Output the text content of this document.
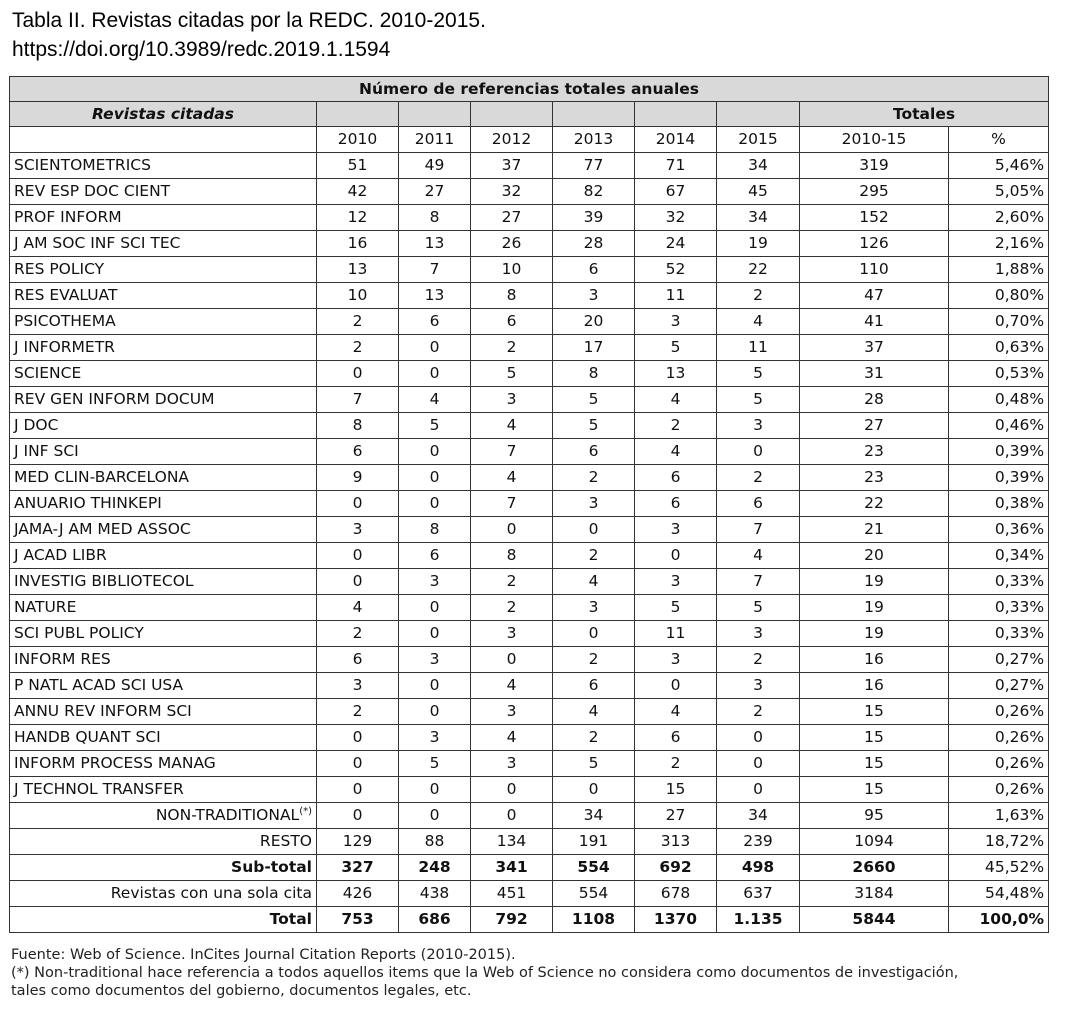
Tabla II. Revistas citadas por la REDC. 2010-2015.
https://doi.org/10.3989/redc.2019.1.1594
Número de referencias totales anuales								
Revistas citadas							Totales	
	2010	2011	2012	2013	2014	2015	2010-15	%
SCIENTOMETRICS	51	49	37	77	71	34	319	5,46%
REV ESP DOC CIENT	42	27	32	82	67	45	295	5,05%
PROF INFORM	12	8	27	39	32	34	152	2,60%
J AM SOC INF SCI TEC	16	13	26	28	24	19	126	2,16%
RES POLICY	13	7	10	6	52	22	110	1,88%
RES EVALUAT	10	13	8	3	11	2	47	0,80%
PSICOTHEMA	2	6	6	20	3	4	41	0,70%
J INFORMETR	2	0	2	17	5	11	37	0,63%
SCIENCE	0	0	5	8	13	5	31	0,53%
REV GEN INFORM DOCUM	7	4	3	5	4	5	28	0,48%
J DOC	8	5	4	5	2	3	27	0,46%
J INF SCI	6	0	7	6	4	0	23	0,39%
MED CLIN-BARCELONA	9	0	4	2	6	2	23	0,39%
ANUARIO THINKEPI	0	0	7	3	6	6	22	0,38%
JAMA-J AM MED ASSOC	3	8	0	0	3	7	21	0,36%
J ACAD LIBR	0	6	8	2	0	4	20	0,34%
INVESTIG BIBLIOTECOL	0	3	2	4	3	7	19	0,33%
NATURE	4	0	2	3	5	5	19	0,33%
SCI PUBL POLICY	2	0	3	0	11	3	19	0,33%
INFORM RES	6	3	0	2	3	2	16	0,27%
P NATL ACAD SCI USA	3	0	4	6	0	3	16	0,27%
ANNU REV INFORM SCI	2	0	3	4	4	2	15	0,26%
HANDB QUANT SCI	0	3	4	2	6	0	15	0,26%
INFORM PROCESS MANAG	0	5	3	5	2	0	15	0,26%
J TECHNOL TRANSFER	0	0	0	0	15	0	15	0,26%
NON-TRADITIONAL(*)	0	0	0	34	27	34	95	1,63%
RESTO	129	88	134	191	313	239	1094	18,72%
Sub-total	327	248	341	554	692	498	2660	45,52%
Revistas con una sola cita	426	438	451	554	678	637	3184	54,48%
Total	753	686	792	1108	1370	1.135	5844	100,0%
Fuente: Web of Science. InCites Journal Citation Reports (2010-2015).
(*) Non-traditional hace referencia a todos aquellos items que la Web of Science no considera como documentos de investigación,
tales como documentos del gobierno, documentos legales, etc.
